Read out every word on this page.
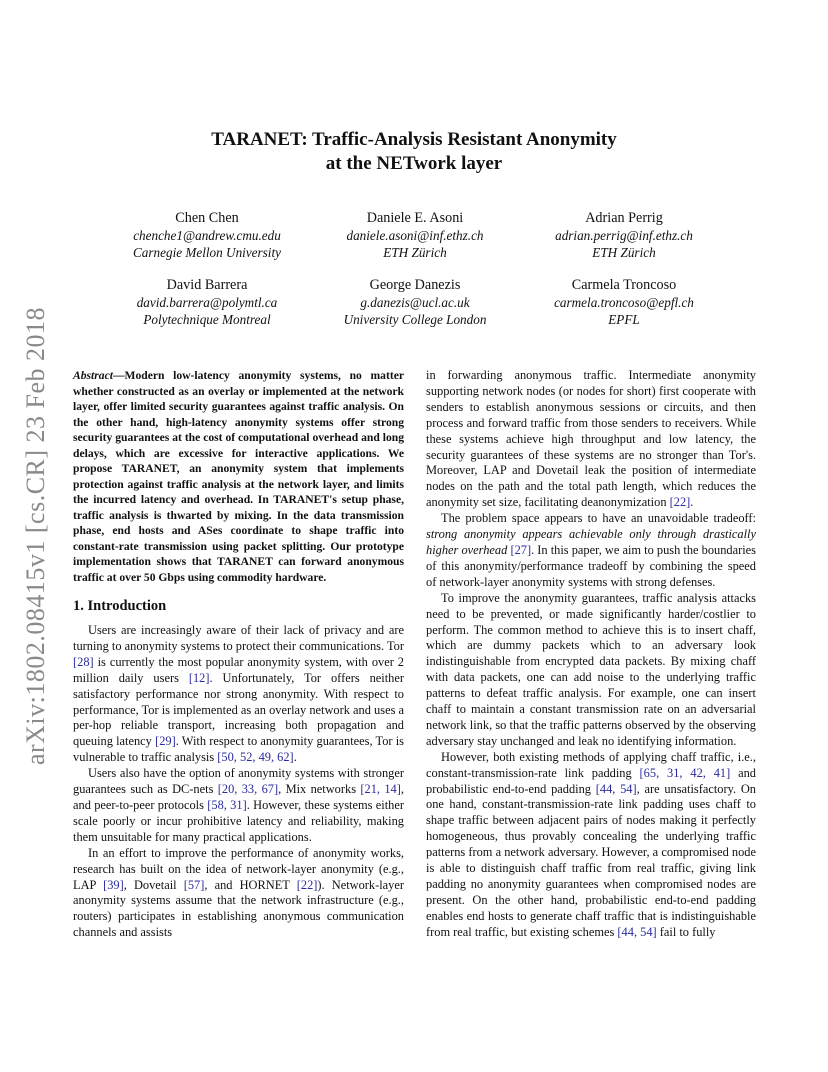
TARANET: Traffic-Analysis Resistant Anonymity
at the NETwork layer
Chen Chen
chenche1@andrew.cmu.edu
Carnegie Mellon University
Daniele E. Asoni
daniele.asoni@inf.ethz.ch
ETH Zürich
Adrian Perrig
adrian.perrig@inf.ethz.ch
ETH Zürich
David Barrera
david.barrera@polymtl.ca
Polytechnique Montreal
George Danezis
g.danezis@ucl.ac.uk
University College London
Carmela Troncoso
carmela.troncoso@epfl.ch
EPFL
arXiv:1802.08415v1 [cs.CR] 23 Feb 2018 Abstract—Modern low-latency anonymity systems, no matter whether constructed as an overlay or implemented at the network layer, offer limited security guarantees against traffic analysis. On the other hand, high-latency anonymity systems offer strong security guarantees at the cost of computational overhead and long delays, which are excessive for interactive applications. We propose TARANET, an anonymity system that implements protection against traffic analysis at the network layer, and limits the incurred latency and overhead. In TARANET's setup phase, traffic analysis is thwarted by mixing. In the data transmission phase, end hosts and ASes coordinate to shape traffic into constant-rate transmission using packet splitting. Our prototype implementation shows that TARANET can forward anonymous traffic at over 50 Gbps using commodity hardware.

1. Introduction

Users are increasingly aware of their lack of privacy and are turning to anonymity systems to protect their communications. Tor [28] is currently the most popular anonymity system, with over 2 million daily users [12]. Unfortunately, Tor offers neither satisfactory performance nor strong anonymity. With respect to performance, Tor is implemented as an overlay network and uses a per-hop reliable transport, increasing both propagation and queuing latency [29]. With respect to anonymity guarantees, Tor is vulnerable to traffic analysis [50, 52, 49, 62].

Users also have the option of anonymity systems with stronger guarantees such as DC-nets [20, 33, 67], Mix networks [21, 14], and peer-to-peer protocols [58, 31]. However, these systems either scale poorly or incur prohibitive latency and reliability, making them unsuitable for many practical applications.

In an effort to improve the performance of anonymity works, research has built on the idea of network-layer anonymity (e.g., LAP [39], Dovetail [57], and HORNET [22]). Network-layer anonymity systems assume that the network infrastructure (e.g., routers) participates in establishing anonymous communication channels and assists

in forwarding anonymous traffic. Intermediate anonymity supporting network nodes (or nodes for short) first cooperate with senders to establish anonymous sessions or circuits, and then process and forward traffic from those senders to receivers. While these systems achieve high throughput and low latency, the security guarantees of these systems are no stronger than Tor's. Moreover, LAP and Dovetail leak the position of intermediate nodes on the path and the total path length, which reduces the anonymity set size, facilitating deanonymization [22].

The problem space appears to have an unavoidable tradeoff: strong anonymity appears achievable only through drastically higher overhead [27]. In this paper, we aim to push the boundaries of this anonymity/performance tradeoff by combining the speed of network-layer anonymity systems with strong defenses.

To improve the anonymity guarantees, traffic analysis attacks need to be prevented, or made significantly harder/costlier to perform. The common method to achieve this is to insert chaff, which are dummy packets which to an adversary look indistinguishable from encrypted data packets. By mixing chaff with data packets, one can add noise to the underlying traffic patterns to defeat traffic analysis. For example, one can insert chaff to maintain a constant transmission rate on an adversarial network link, so that the traffic patterns observed by the observing adversary stay unchanged and leak no identifying information.

However, both existing methods of applying chaff traffic, i.e., constant-transmission-rate link padding [65, 31, 42, 41] and probabilistic end-to-end padding [44, 54], are unsatisfactory. On one hand, constant-transmission-rate link padding uses chaff to shape traffic between adjacent pairs of nodes making it perfectly homogeneous, thus provably concealing the underlying traffic patterns from a network adversary. However, a compromised node is able to distinguish chaff traffic from real traffic, giving link padding no anonymity guarantees when compromised nodes are present. On the other hand, probabilistic end-to-end padding enables end hosts to generate chaff traffic that is indistinguishable from real traffic, but existing schemes [44, 54] fail to fully
